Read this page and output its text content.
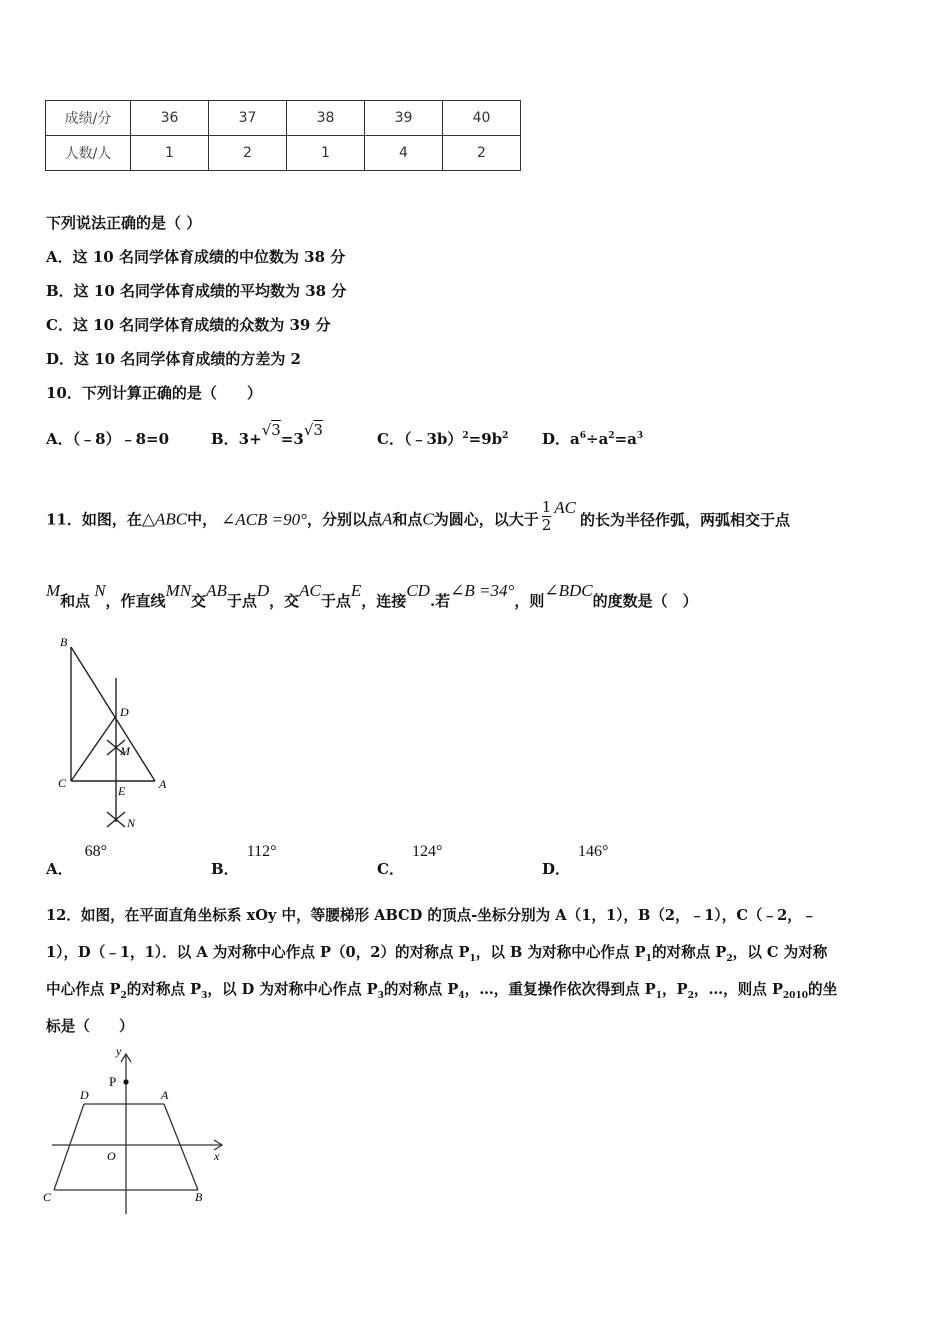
成绩/分	36	37	38	39	40
人数/人	1	2	1	4	2
下列说法正确的是（ ）
A．这 10 名同学体育成绩的中位数为 38 分
B．这 10 名同学体育成绩的平均数为 38 分
C．这 10 名同学体育成绩的众数为 39 分
D．这 10 名同学体育成绩的方差为 2
10．下列计算正确的是（　　）
A．（﹣8）﹣8=0	B．3+√3=3√3	C．$(﹣3b)^2=9b^2$ D．$a^6\div a^2=a^3$
11．如图，在△ABC中， ∠ACB =90°，分别以点A和点C为圆心，以大于 $\frac{1}{2}$ AC的长为半径作弧，两弧相交于点
M和点N，作直线MN交AB于点D，交AC于点E，连接CD.若∠B =34°，则∠BDC的度数是（　）
B
D
M
C	A
E
N
A．68°
B．112°
C．124°
D．146°
12．如图，在平面直角坐标系 xOy 中，等腰梯形 ABCD 的顶点-坐标分别为 A（1，1），B（2，﹣1），C（﹣2，﹣
1），D（﹣1，1）．以 A 为对称中心作点 P（0，2）的对称点 $P_1$，以 B 为对称中心作点 $P_1$的对称点 $P_2$，以 C 为对称
中心作点 $P_2$的对称点 $P_3$，以 D 为对称中心作点 $P_3$的对称点 $P_4$，…，重复操作依次得到点 $P_1$，$P_2$，…，则点 $P_{2010}$的坐
标是（　　）
y
P
D	A
O	x
C	B
